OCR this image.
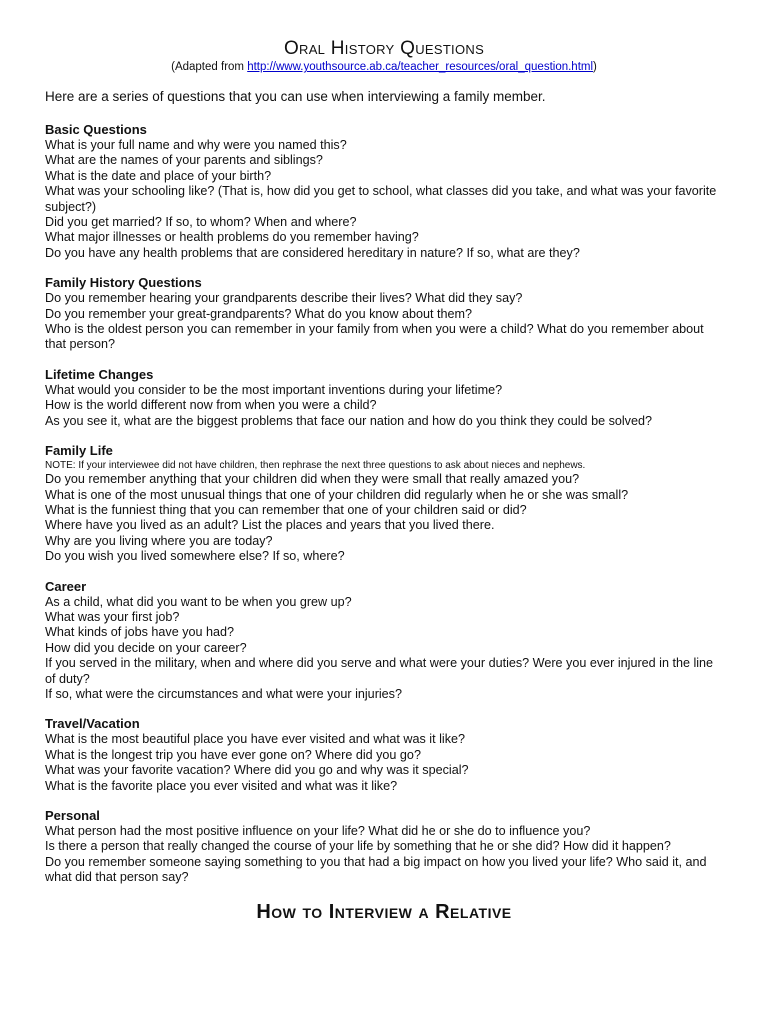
Oral History Questions

(Adapted from http://www.youthsource.ab.ca/teacher_resources/oral_question.html)

Here are a series of questions that you can use when interviewing a family member.

Basic Questions

What is your full name and why were you named this?

What are the names of your parents and siblings?

What is the date and place of your birth?

What was your schooling like? (That is, how did you get to school, what classes did you take, and what was your favorite subject?)

Did you get married? If so, to whom? When and where?

What major illnesses or health problems do you remember having?

Do you have any health problems that are considered hereditary in nature? If so, what are they?

Family History Questions

Do you remember hearing your grandparents describe their lives? What did they say?

Do you remember your great-grandparents? What do you know about them?

Who is the oldest person you can remember in your family from when you were a child? What do you remember about that person?

Lifetime Changes

What would you consider to be the most important inventions during your lifetime?

How is the world different now from when you were a child?

As you see it, what are the biggest problems that face our nation and how do you think they could be solved?

Family Life

NOTE: If your interviewee did not have children, then rephrase the next three questions to ask about nieces and nephews.

Do you remember anything that your children did when they were small that really amazed you?

What is one of the most unusual things that one of your children did regularly when he or she was small?

What is the funniest thing that you can remember that one of your children said or did?

Where have you lived as an adult? List the places and years that you lived there.

Why are you living where you are today?

Do you wish you lived somewhere else? If so, where?

Career

As a child, what did you want to be when you grew up?

What was your first job?

What kinds of jobs have you had?

How did you decide on your career?

If you served in the military, when and where did you serve and what were your duties? Were you ever injured in the line of duty?

If so, what were the circumstances and what were your injuries?

Travel/Vacation

What is the most beautiful place you have ever visited and what was it like?

What is the longest trip you have ever gone on? Where did you go?

What was your favorite vacation? Where did you go and why was it special?

What is the favorite place you ever visited and what was it like?

Personal

What person had the most positive influence on your life? What did he or she do to influence you?

Is there a person that really changed the course of your life by something that he or she did? How did it happen?

Do you remember someone saying something to you that had a big impact on how you lived your life? Who said it, and what did that person say?

How to Interview a Relative
